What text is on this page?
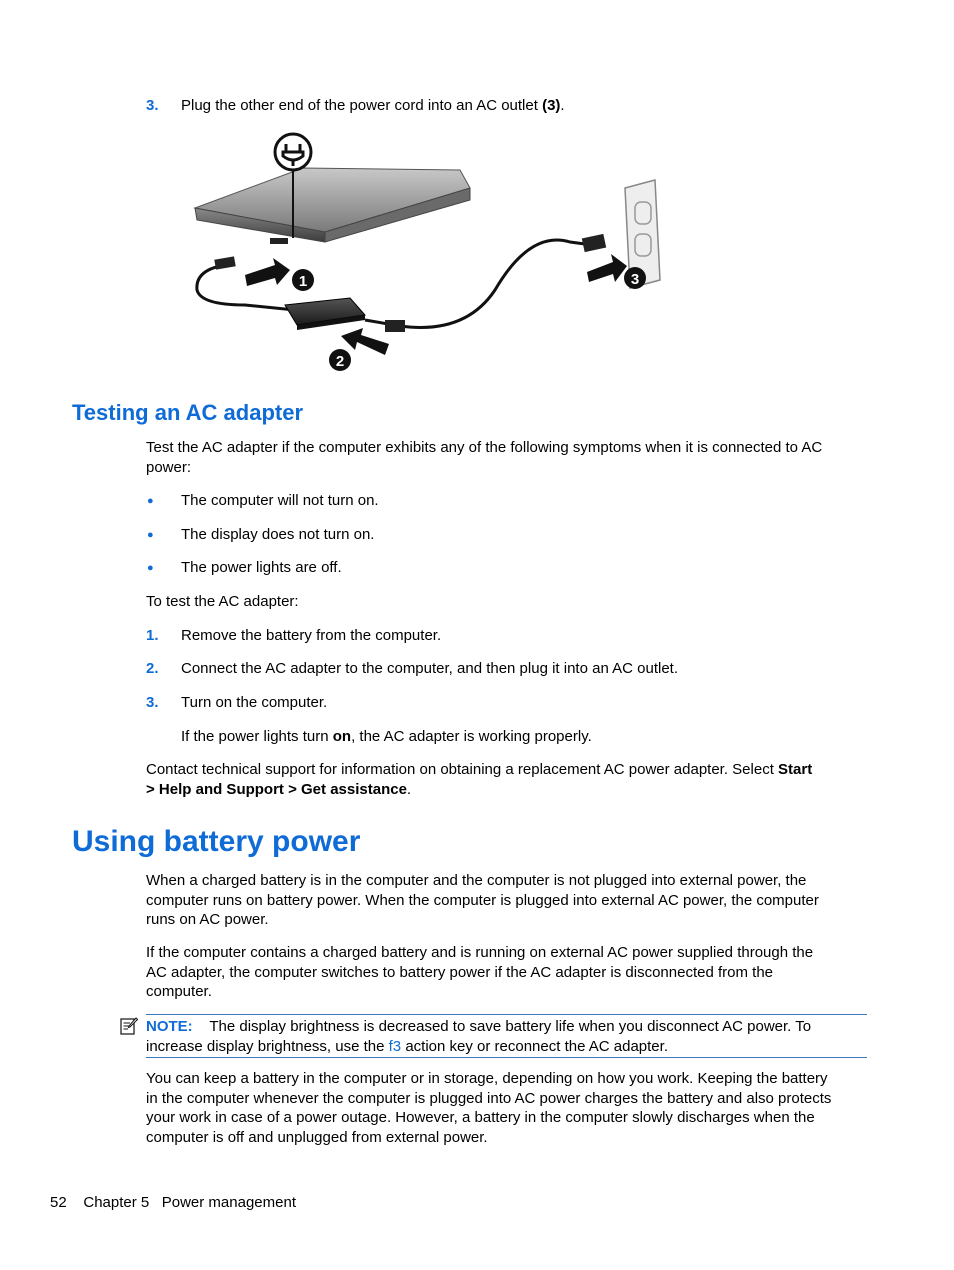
3. Plug the other end of the power cord into an AC outlet (3).
1
2
3
Testing an AC adapter
Test the AC adapter if the computer exhibits any of the following symptoms when it is connected to AC
power:
● The computer will not turn on.
● The display does not turn on.
● The power lights are off.
To test the AC adapter:
1. Remove the battery from the computer.
2. Connect the AC adapter to the computer, and then plug it into an AC outlet.
3. Turn on the computer.
If the power lights turn on, the AC adapter is working properly.
Contact technical support for information on obtaining a replacement AC power adapter. Select Start
> Help and Support > Get assistance.
Using battery power
When a charged battery is in the computer and the computer is not plugged into external power, the
computer runs on battery power. When the computer is plugged into external AC power, the computer
runs on AC power.
If the computer contains a charged battery and is running on external AC power supplied through the
AC adapter, the computer switches to battery power if the AC adapter is disconnected from the
computer.
NOTE: The display brightness is decreased to save battery life when you disconnect AC power. To
increase display brightness, use the f3 action key or reconnect the AC adapter.
You can keep a battery in the computer or in storage, depending on how you work. Keeping the battery
in the computer whenever the computer is plugged into AC power charges the battery and also protects
your work in case of a power outage. However, a battery in the computer slowly discharges when the
computer is off and unplugged from external power.
52 Chapter 5 Power management
